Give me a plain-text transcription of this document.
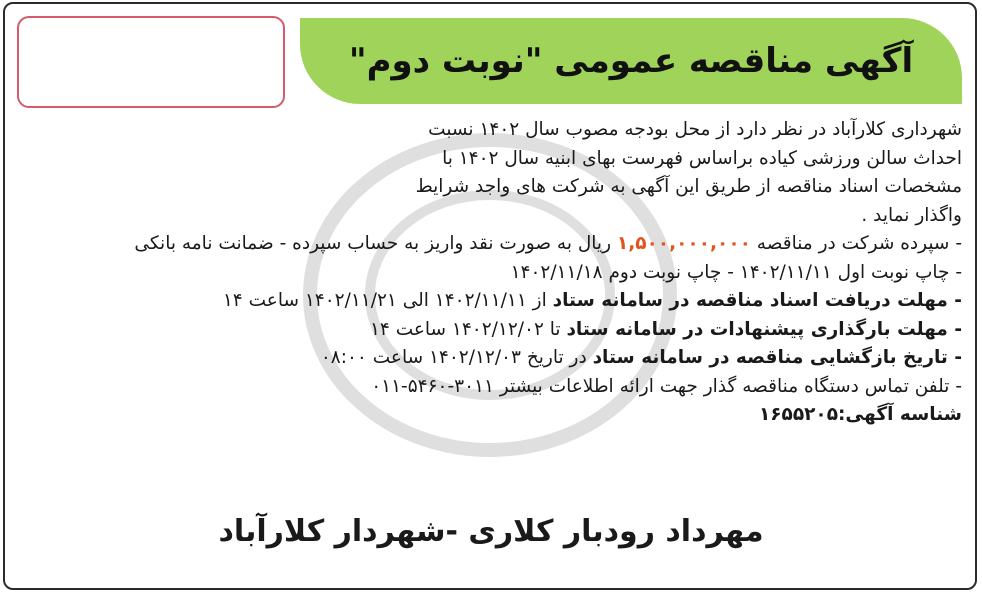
آگهی مناقصه عمومی "نوبت دوم"
شهرداری کلارآباد در نظر دارد از محل بودجه مصوب سال ۱۴۰۲ نسبت
احداث سالن ورزشی کیاده براساس فهرست بهای ابنیه سال ۱۴۰۲ با
مشخصات اسناد مناقصه از طریق این آگهی به شرکت های واجد شرایط
واگذار نماید .
- سپرده شرکت در مناقصه ۱,۵۰۰,۰۰۰,۰۰۰ ریال به صورت نقد واریز به حساب سپرده - ضمانت نامه بانکی
- چاپ نوبت اول ۱۴۰۲/۱۱/۱۱ - چاپ نوبت دوم ۱۴۰۲/۱۱/۱۸
- مهلت دریافت اسناد مناقصه در سامانه ستاد از ۱۴۰۲/۱۱/۱۱ الی ۱۴۰۲/۱۱/۲۱ ساعت ۱۴
- مهلت بارگذاری پیشنهادات در سامانه ستاد تا ۱۴۰۲/۱۲/۰۲ ساعت ۱۴
- تاریخ بازگشایی مناقصه در سامانه ستاد در تاریخ ۱۴۰۲/۱۲/۰۳ ساعت ۰۸:۰۰
- تلفن تماس دستگاه مناقصه گذار جهت ارائه اطلاعات بیشتر ۳۰۱۱-۵۴۶۰-۰۱۱
شناسه آگهی:۱۶۵۵۲۰۵
مهرداد رودبار کلاری -شهردار کلارآباد
